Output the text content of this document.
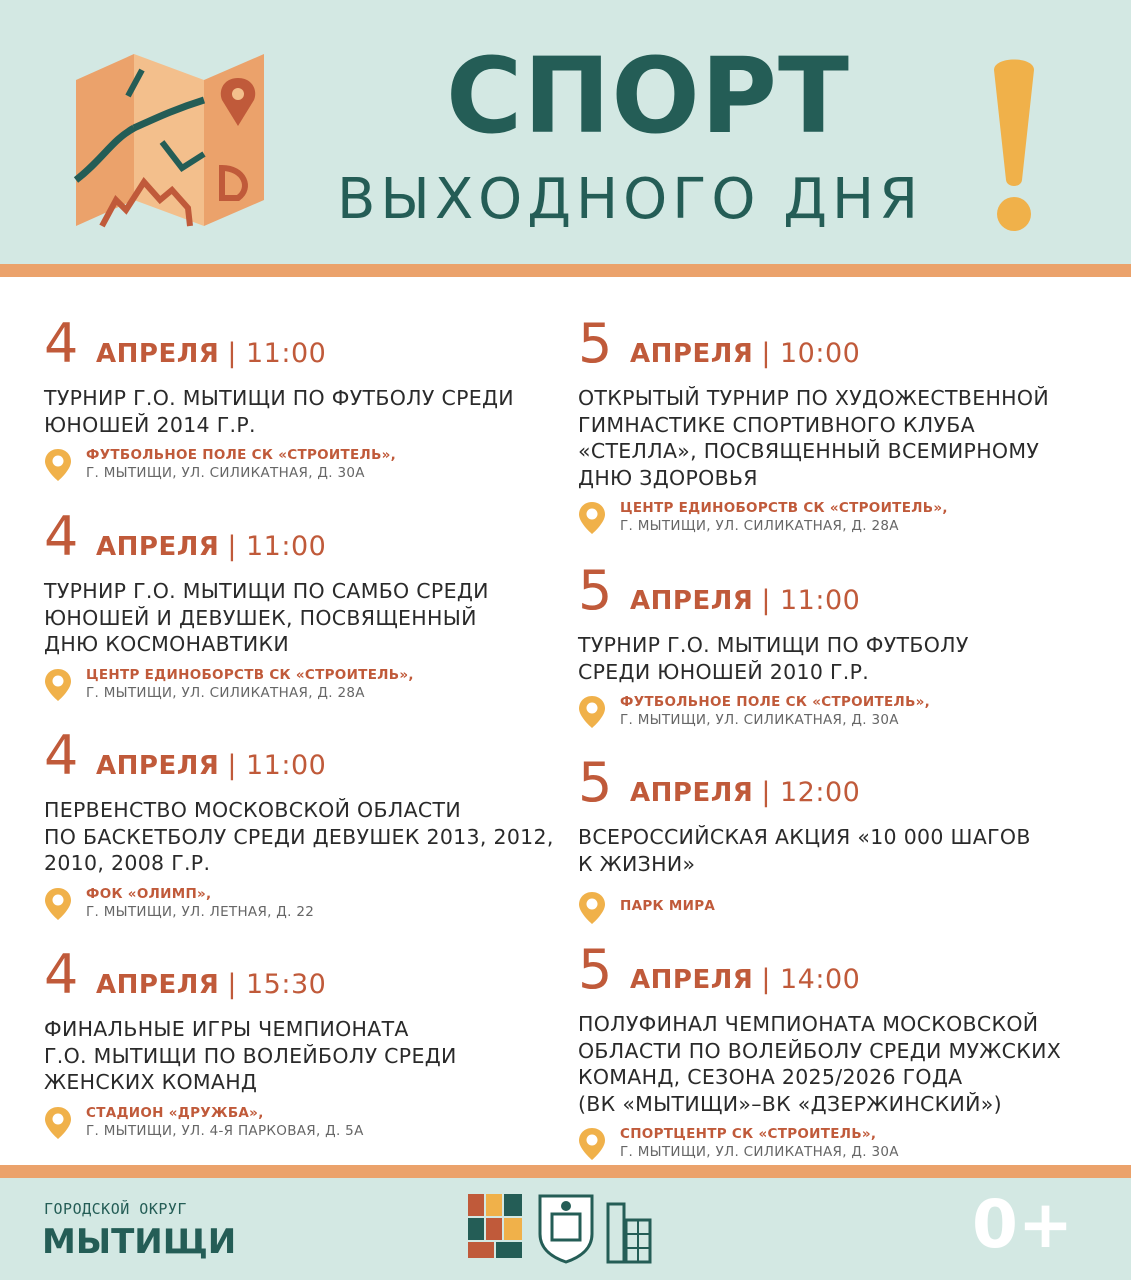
СПОРТ
ВЫХОДНОГО ДНЯ
4 АПРЕЛЯ | 11:00
ТУРНИР Г.О. МЫТИЩИ ПО ФУТБОЛУ СРЕДИ
ЮНОШЕЙ 2014 Г.Р.
ФУТБОЛЬНОЕ ПОЛЕ СК «СТРОИТЕЛЬ»,
Г. МЫТИЩИ, УЛ. СИЛИКАТНАЯ, Д. 30А
4 АПРЕЛЯ | 11:00
ТУРНИР Г.О. МЫТИЩИ ПО САМБО СРЕДИ
ЮНОШЕЙ И ДЕВУШЕК, ПОСВЯЩЕННЫЙ
ДНЮ КОСМОНАВТИКИ
ЦЕНТР ЕДИНОБОРСТВ СК «СТРОИТЕЛЬ»,
Г. МЫТИЩИ, УЛ. СИЛИКАТНАЯ, Д. 28А
4 АПРЕЛЯ | 11:00
ПЕРВЕНСТВО МОСКОВСКОЙ ОБЛАСТИ
ПО БАСКЕТБОЛУ СРЕДИ ДЕВУШЕК 2013, 2012,
2010, 2008 Г.Р.
ФОК «ОЛИМП»,
Г. МЫТИЩИ, УЛ. ЛЕТНАЯ, Д. 22
4 АПРЕЛЯ | 15:30
ФИНАЛЬНЫЕ ИГРЫ ЧЕМПИОНАТА
Г.О. МЫТИЩИ ПО ВОЛЕЙБОЛУ СРЕДИ
ЖЕНСКИХ КОМАНД
СТАДИОН «ДРУЖБА»,
Г. МЫТИЩИ, УЛ. 4-Я ПАРКОВАЯ, Д. 5А
5 АПРЕЛЯ | 10:00
ОТКРЫТЫЙ ТУРНИР ПО ХУДОЖЕСТВЕННОЙ
ГИМНАСТИКЕ СПОРТИВНОГО КЛУБА
«СТЕЛЛА», ПОСВЯЩЕННЫЙ ВСЕМИРНОМУ
ДНЮ ЗДОРОВЬЯ
ЦЕНТР ЕДИНОБОРСТВ СК «СТРОИТЕЛЬ»,
Г. МЫТИЩИ, УЛ. СИЛИКАТНАЯ, Д. 28А
5 АПРЕЛЯ | 11:00
ТУРНИР Г.О. МЫТИЩИ ПО ФУТБОЛУ
СРЕДИ ЮНОШЕЙ 2010 Г.Р.
ФУТБОЛЬНОЕ ПОЛЕ СК «СТРОИТЕЛЬ»,
Г. МЫТИЩИ, УЛ. СИЛИКАТНАЯ, Д. 30А
5 АПРЕЛЯ | 12:00
ВСЕРОССИЙСКАЯ АКЦИЯ «10 000 ШАГОВ
К ЖИЗНИ»
ПАРК МИРА
5 АПРЕЛЯ | 14:00
ПОЛУФИНАЛ ЧЕМПИОНАТА МОСКОВСКОЙ
ОБЛАСТИ ПО ВОЛЕЙБОЛУ СРЕДИ МУЖСКИХ
КОМАНД, СЕЗОНА 2025/2026 ГОДА
(ВК «МЫТИЩИ»–ВК «ДЗЕРЖИНСКИЙ»)
СПОРТЦЕНТР СК «СТРОИТЕЛЬ»,
Г. МЫТИЩИ, УЛ. СИЛИКАТНАЯ, Д. 30А
ГОРОДСКОЙ ОКРУГ
МЫТИЩИ	0+
